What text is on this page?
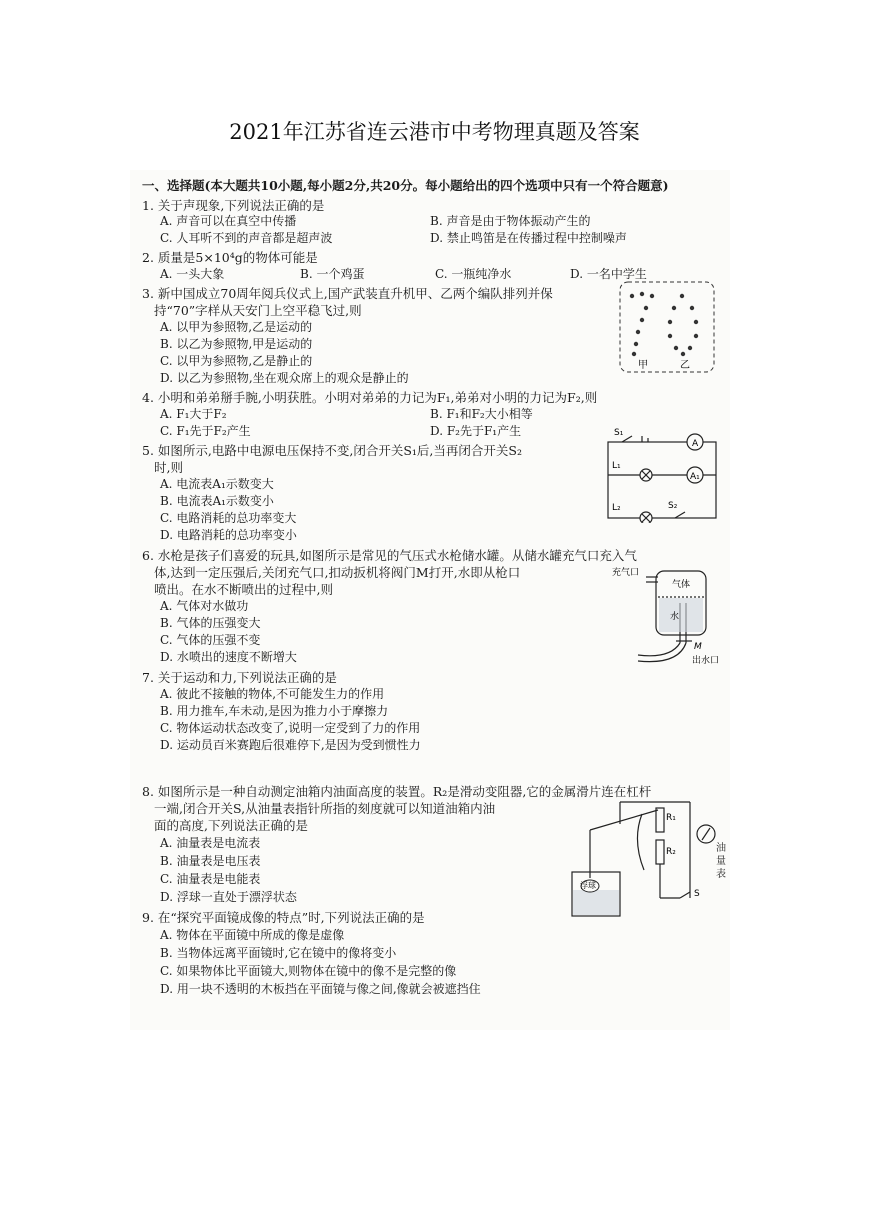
2021年江苏省连云港市中考物理真题及答案
一、选择题(本大题共10小题,每小题2分,共20分。每小题给出的四个选项中只有一个符合题意)
1. 关于声现象,下列说法正确的是
A. 声音可以在真空中传播	B. 声音是由于物体振动产生的
C. 人耳听不到的声音都是超声波	D. 禁止鸣笛是在传播过程中控制噪声
2. 质量是5×10⁴g的物体可能是
A. 一头大象	B. 一个鸡蛋	C. 一瓶纯净水	D. 一名中学生
3. 新中国成立70周年阅兵仪式上,国产武装直升机甲、乙两个编队排列并保
持“70”字样从天安门上空平稳飞过,则
A. 以甲为参照物,乙是运动的
B. 以乙为参照物,甲是运动的
C. 以甲为参照物,乙是静止的
D. 以乙为参照物,坐在观众席上的观众是静止的
甲	乙
4. 小明和弟弟掰手腕,小明获胜。小明对弟弟的力记为F₁,弟弟对小明的力记为F₂,则
A. F₁大于F₂	B. F₁和F₂大小相等
C. F₁先于F₂产生	D. F₂先于F₁产生
5. 如图所示,电路中电源电压保持不变,闭合开关S₁后,当再闭合开关S₂
时,则
A. 电流表A₁示数变大
B. 电流表A₁示数变小
C. 电路消耗的总功率变大
D. 电路消耗的总功率变小
A
A₁
S₁
L₁
L₂	S₂
6. 水枪是孩子们喜爱的玩具,如图所示是常见的气压式水枪储水罐。从储水罐充气口充入气
体,达到一定压强后,关闭充气口,扣动扳机将阀门M打开,水即从枪口
喷出。在水不断喷出的过程中,则
A. 气体对水做功
B. 气体的压强变大
C. 气体的压强不变
D. 水喷出的速度不断增大
充气口
气体
水
M
出水口
7. 关于运动和力,下列说法正确的是
A. 彼此不接触的物体,不可能发生力的作用
B. 用力推车,车未动,是因为推力小于摩擦力
C. 物体运动状态改变了,说明一定受到了力的作用
D. 运动员百米赛跑后很难停下,是因为受到惯性力
8. 如图所示是一种自动测定油箱内油面高度的装置。R₂是滑动变阻器,它的金属滑片连在杠杆
一端,闭合开关S,从油量表指针所指的刻度就可以知道油箱内油
面的高度,下列说法正确的是
A. 油量表是电流表
B. 油量表是电压表
C. 油量表是电能表
D. 浮球一直处于漂浮状态
R₁
R₂
S
浮球
油量表
9. 在“探究平面镜成像的特点”时,下列说法正确的是
A. 物体在平面镜中所成的像是虚像
B. 当物体远离平面镜时,它在镜中的像将变小
C. 如果物体比平面镜大,则物体在镜中的像不是完整的像
D. 用一块不透明的木板挡在平面镜与像之间,像就会被遮挡住
